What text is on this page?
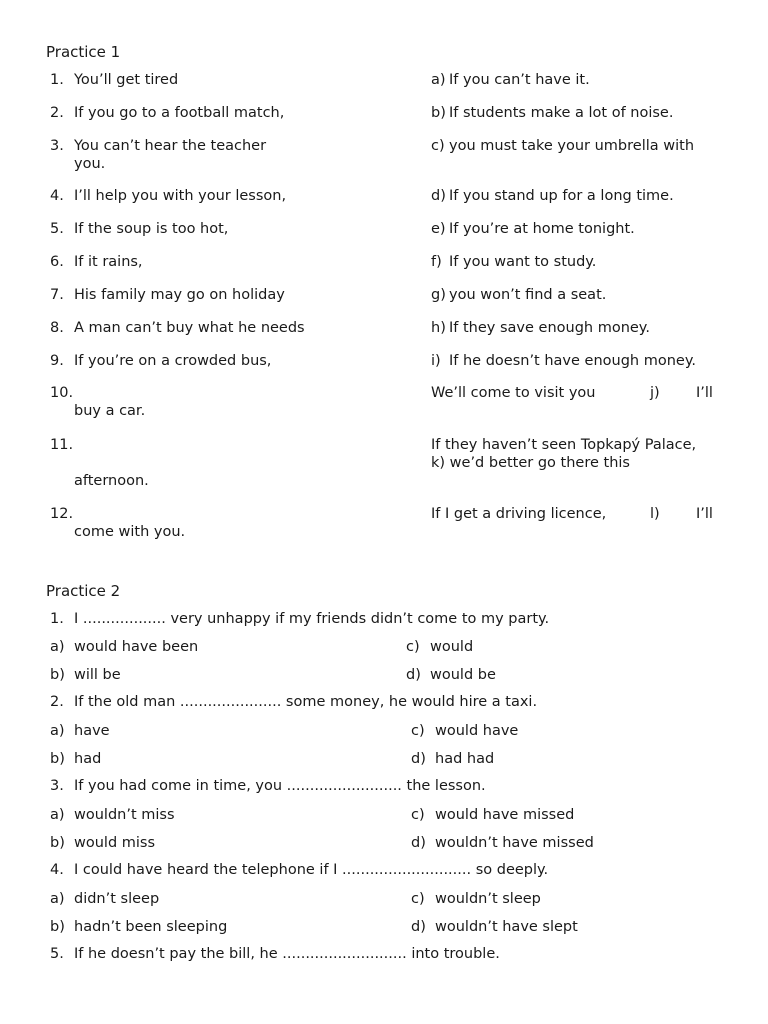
Practice 1
1. You’ll get tired	a) If you can’t have it.
2. If you go to a football match,	b) If students make a lot of noise.
3. You can’t hear the teacher	c) you must take your umbrella with
you.
4. I’ll help you with your lesson,	d) If you stand up for a long time.
5. If the soup is too hot,	e) If you’re at home tonight.
6. If it rains,	f) If you want to study.
7. His family may go on holiday	g) you won’t find a seat.
8. A man can’t buy what he needs	h) If they save enough money.
9. If you’re on a crowded bus,	i) If he doesn’t have enough money.
10.	We’ll come to visit you	j)	I’ll
buy a car.
11.	If they haven’t seen Topkapý Palace,
k) we’d better go there this
afternoon.
12.	If I get a driving licence,	l)	I’ll
come with you.
Practice 2
1. I .................. very unhappy if my friends didn’t come to my party.
a) would have been	c) would
b) will be	d) would be
2. If the old man ...................... some money, he would hire a taxi.
a) have	c) would have
b) had	d) had had
3. If you had come in time, you ......................... the lesson.
a) wouldn’t miss	c) would have missed
b) would miss	d) wouldn’t have missed
4. I could have heard the telephone if I ............................ so deeply.
a) didn’t sleep	c) wouldn’t sleep
b) hadn’t been sleeping	d) wouldn’t have slept
5. If he doesn’t pay the bill, he ........................... into trouble.
